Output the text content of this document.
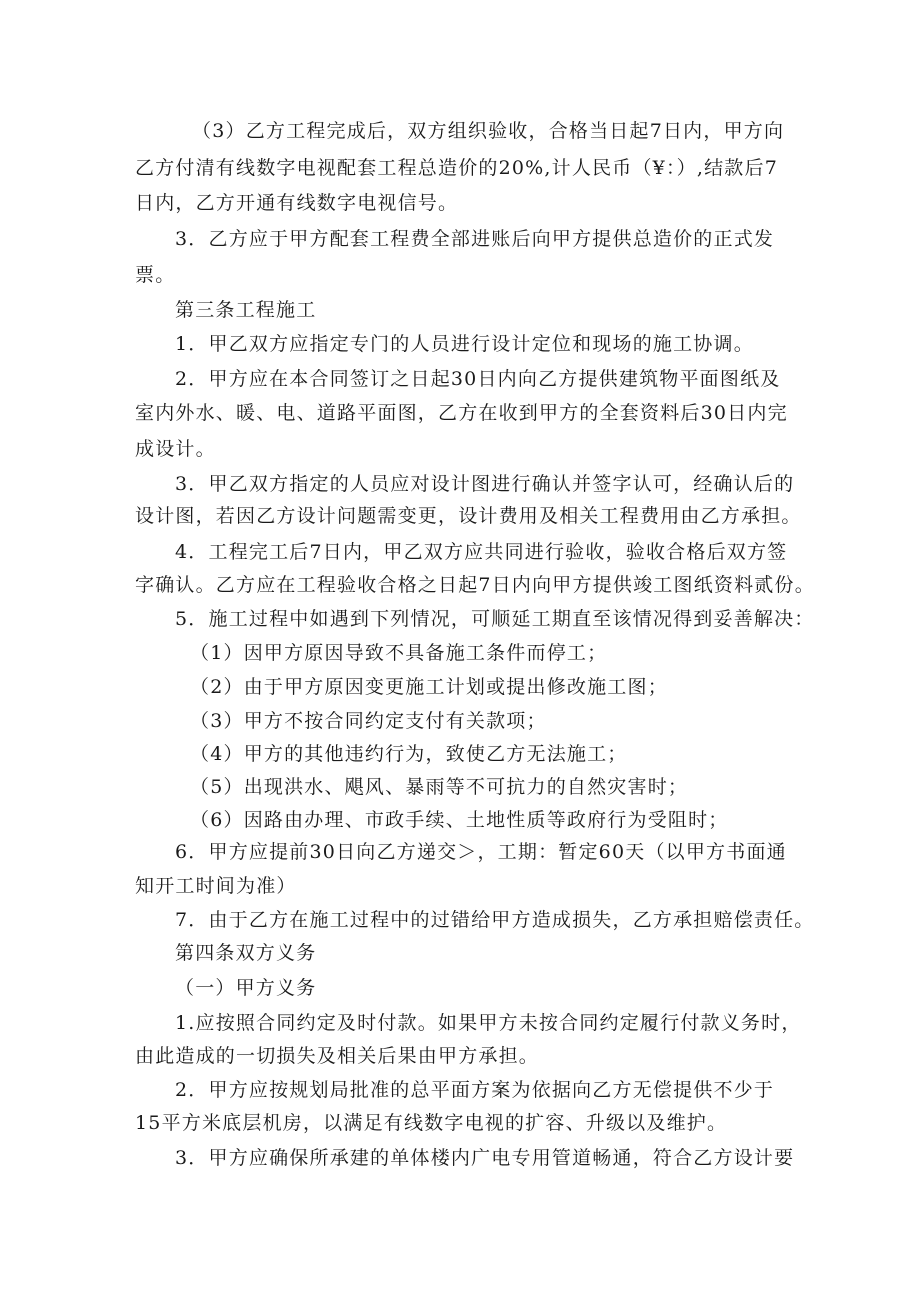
（3）乙方工程完成后，双方组织验收，合格当日起7日内，甲方向
乙方付清有线数字电视配套工程总造价的20%,计人民币（¥：）,结款后7
日内，乙方开通有线数字电视信号。
3．乙方应于甲方配套工程费全部进账后向甲方提供总造价的正式发
票。
第三条工程施工
1．甲乙双方应指定专门的人员进行设计定位和现场的施工协调。
2．甲方应在本合同签订之日起30日内向乙方提供建筑物平面图纸及
室内外水、暖、电、道路平面图，乙方在收到甲方的全套资料后30日内完
成设计。
3．甲乙双方指定的人员应对设计图进行确认并签字认可，经确认后的
设计图，若因乙方设计问题需变更，设计费用及相关工程费用由乙方承担。
4．工程完工后7日内，甲乙双方应共同进行验收，验收合格后双方签
字确认。乙方应在工程验收合格之日起7日内向甲方提供竣工图纸资料贰份。
5．施工过程中如遇到下列情况，可顺延工期直至该情况得到妥善解决：
（1）因甲方原因导致不具备施工条件而停工；
（2）由于甲方原因变更施工计划或提出修改施工图；
（3）甲方不按合同约定支付有关款项；
（4）甲方的其他违约行为，致使乙方无法施工；
（5）出现洪水、飓风、暴雨等不可抗力的自然灾害时；
（6）因路由办理、市政手续、土地性质等政府行为受阻时；
6．甲方应提前30日向乙方递交＞，工期：暂定60天（以甲方书面通
知开工时间为准）
7．由于乙方在施工过程中的过错给甲方造成损失，乙方承担赔偿责任。
第四条双方义务
（一）甲方义务
1.应按照合同约定及时付款。如果甲方未按合同约定履行付款义务时，
由此造成的一切损失及相关后果由甲方承担。
2．甲方应按规划局批准的总平面方案为依据向乙方无偿提供不少于
15平方米底层机房，以满足有线数字电视的扩容、升级以及维护。
3．甲方应确保所承建的单体楼内广电专用管道畅通，符合乙方设计要
